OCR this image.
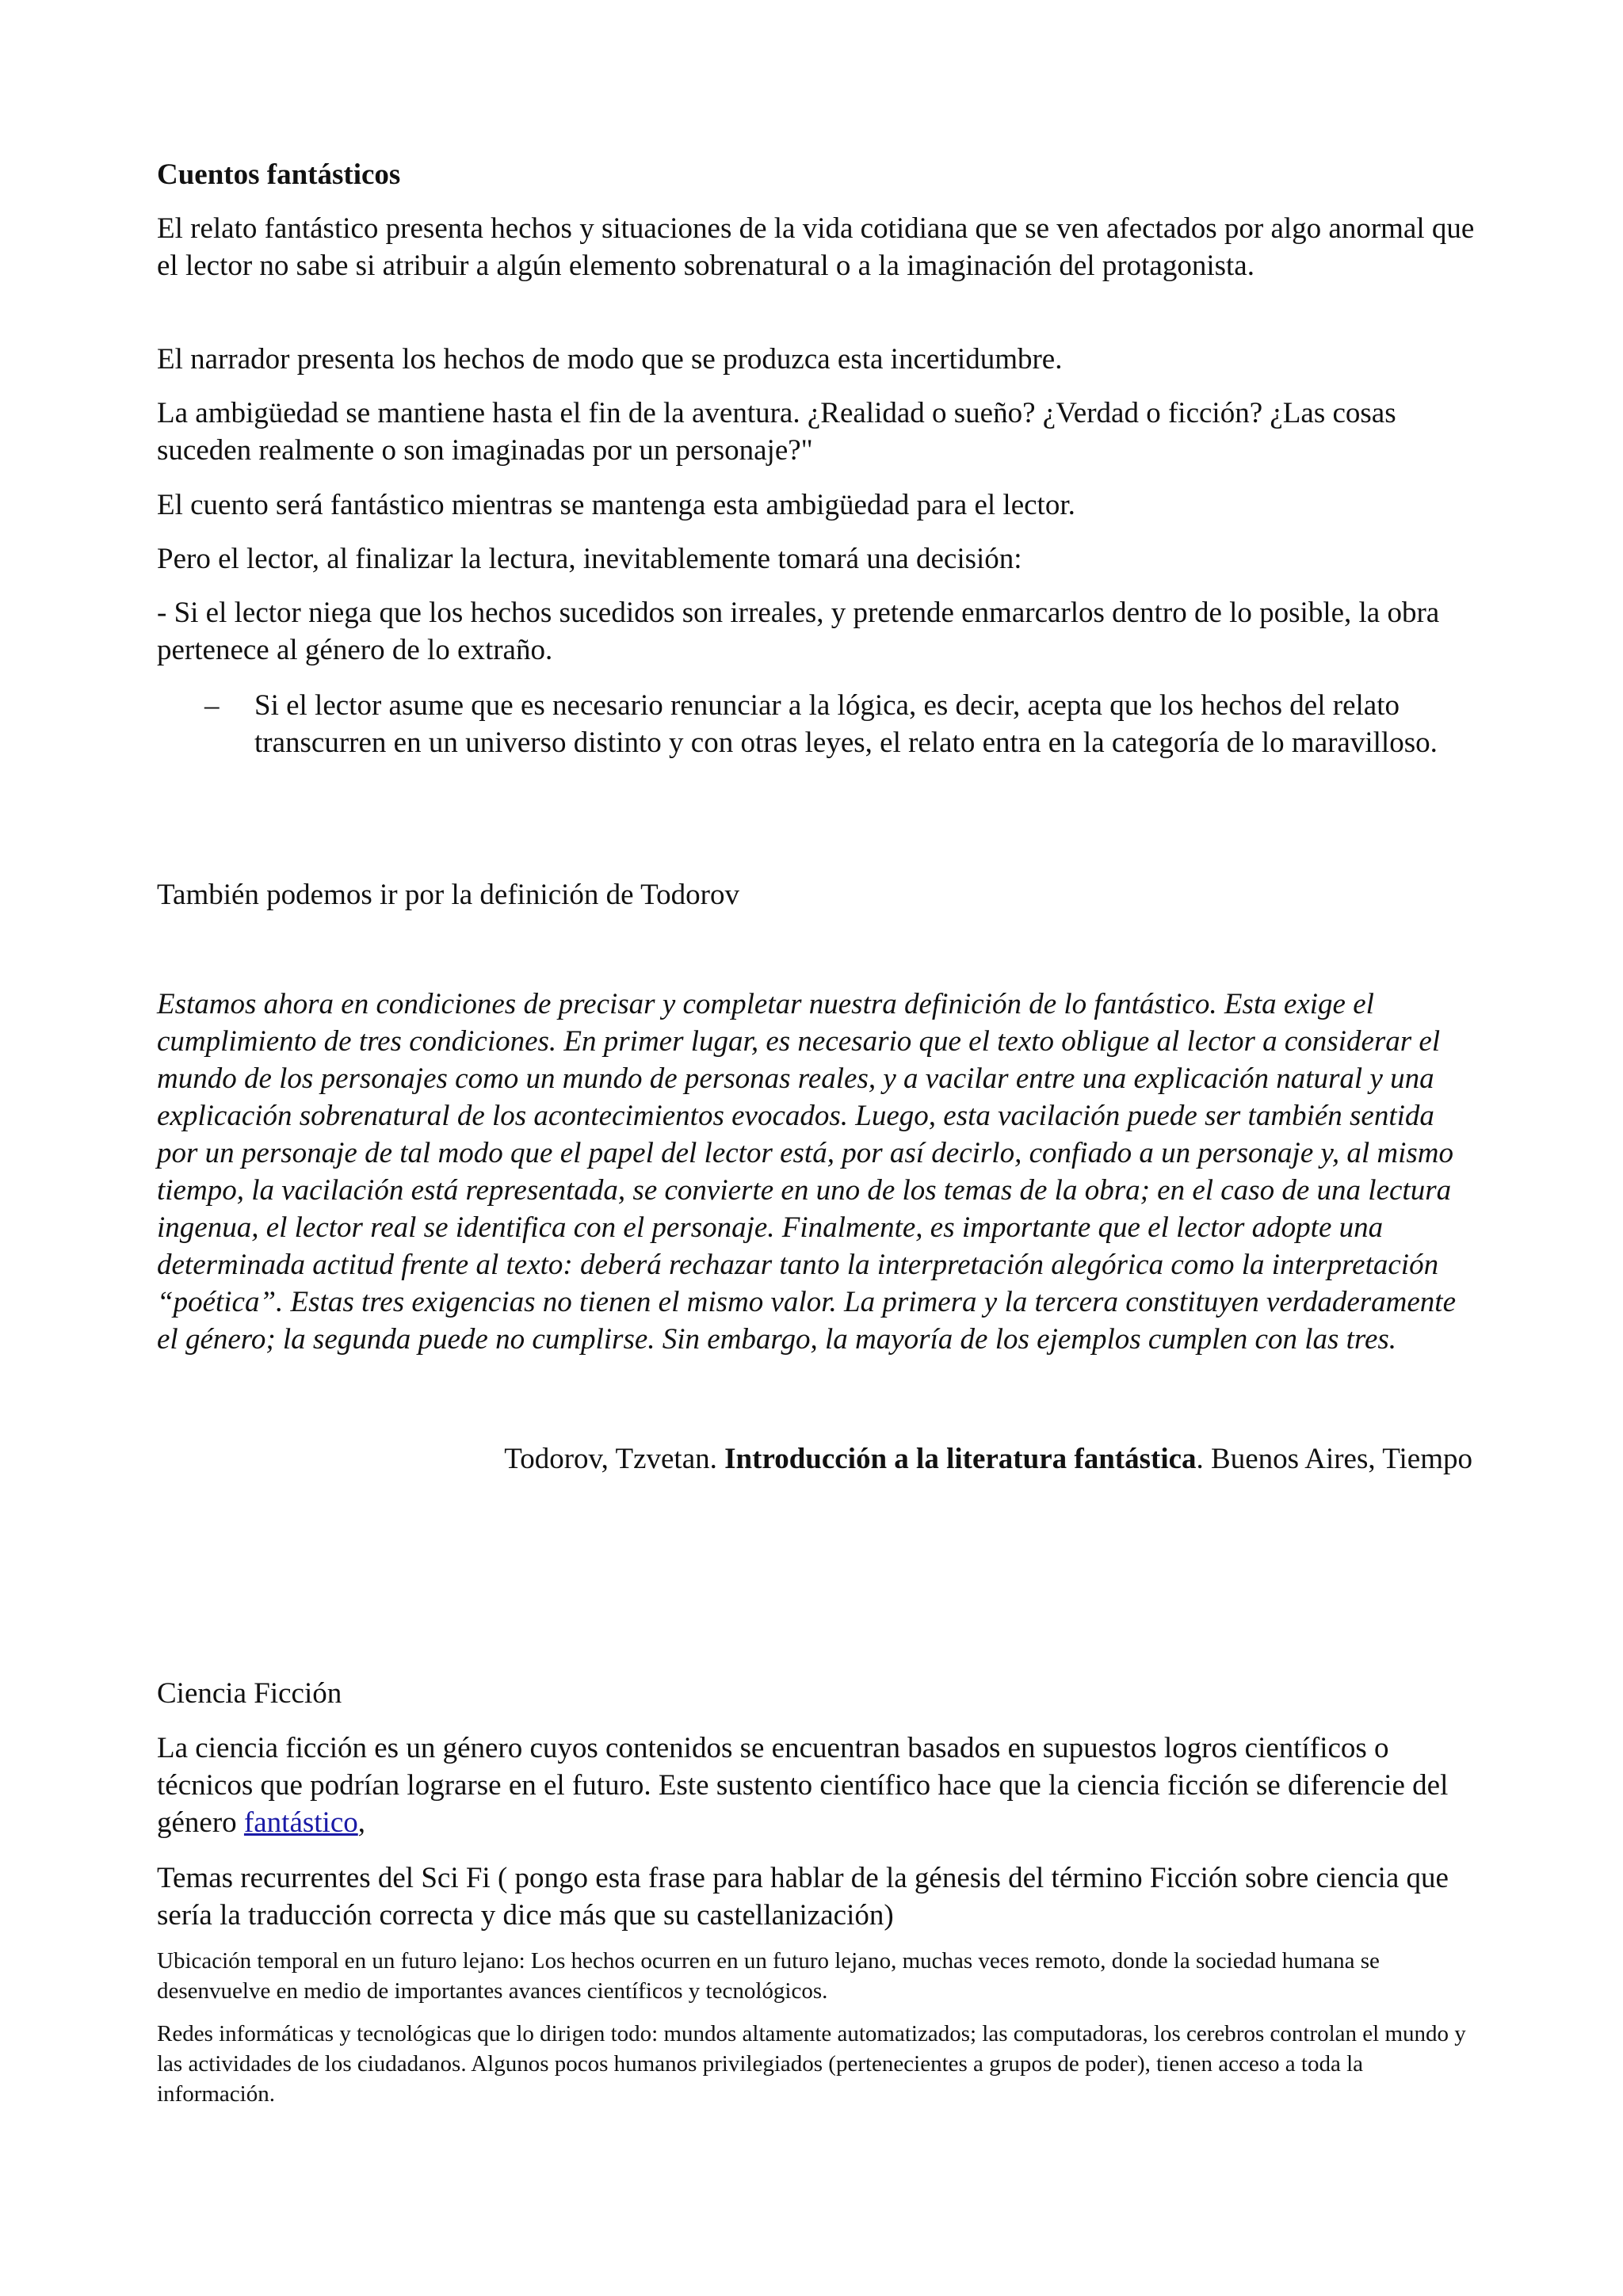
Cuentos fantásticos

El relato fantástico presenta hechos y situaciones de la vida cotidiana que se ven afectados por algo anormal que el lector no sabe si atribuir a algún elemento sobrenatural o a la imaginación del protagonista.

El narrador presenta los hechos de modo que se produzca esta incertidumbre.

La ambigüedad se mantiene hasta el fin de la aventura. ¿Realidad o sueño? ¿Verdad o ficción? ¿Las cosas suceden realmente o son imaginadas por un personaje?"

El cuento será fantástico mientras se mantenga esta ambigüedad para el lector.

Pero el lector, al finalizar la lectura, inevitablemente tomará una decisión:

- Si el lector niega que los hechos sucedidos son irreales, y pretende enmarcarlos dentro de lo posible, la obra pertenece al género de lo extraño.

– Si el lector asume que es necesario renunciar a la lógica, es decir, acepta que los hechos del relato transcurren en un universo distinto y con otras leyes, el relato entra en la categoría de lo maravilloso.

También podemos ir por la definición de Todorov

Estamos ahora en condiciones de precisar y completar nuestra definición de lo fantástico. Esta exige el cumplimiento de tres condiciones. En primer lugar, es necesario que el texto obligue al lector a considerar el mundo de los personajes como un mundo de personas reales, y a vacilar entre una explicación natural y una explicación sobrenatural de los acontecimientos evocados. Luego, esta vacilación puede ser también sentida por un personaje de tal modo que el papel del lector está, por así decirlo, confiado a un personaje y, al mismo tiempo, la vacilación está representada, se convierte en uno de los temas de la obra; en el caso de una lectura ingenua, el lector real se identifica con el personaje. Finalmente, es importante que el lector adopte una determinada actitud frente al texto: deberá rechazar tanto la interpretación alegórica como la interpretación “poética”. Estas tres exigencias no tienen el mismo valor. La primera y la tercera constituyen verdaderamente el género; la segunda puede no cumplirse. Sin embargo, la mayoría de los ejemplos cumplen con las tres.

Todorov, Tzvetan. Introducción a la literatura fantástica. Buenos Aires, Tiempo

Ciencia Ficción

La ciencia ficción es un género cuyos contenidos se encuentran basados en supuestos logros científicos o técnicos que podrían lograrse en el futuro. Este sustento científico hace que la ciencia ficción se diferencie del género fantástico,

Temas recurrentes del Sci Fi ( pongo esta frase para hablar de la génesis del término Ficción sobre ciencia que sería la traducción correcta y dice más que su castellanización)

Ubicación temporal en un futuro lejano: Los hechos ocurren en un futuro lejano, muchas veces remoto, donde la sociedad humana se desenvuelve en medio de importantes avances científicos y tecnológicos.

Redes informáticas y tecnológicas que lo dirigen todo: mundos altamente automatizados; las computadoras, los cerebros controlan el mundo y las actividades de los ciudadanos. Algunos pocos humanos privilegiados (pertenecientes a grupos de poder), tienen acceso a toda la información.
